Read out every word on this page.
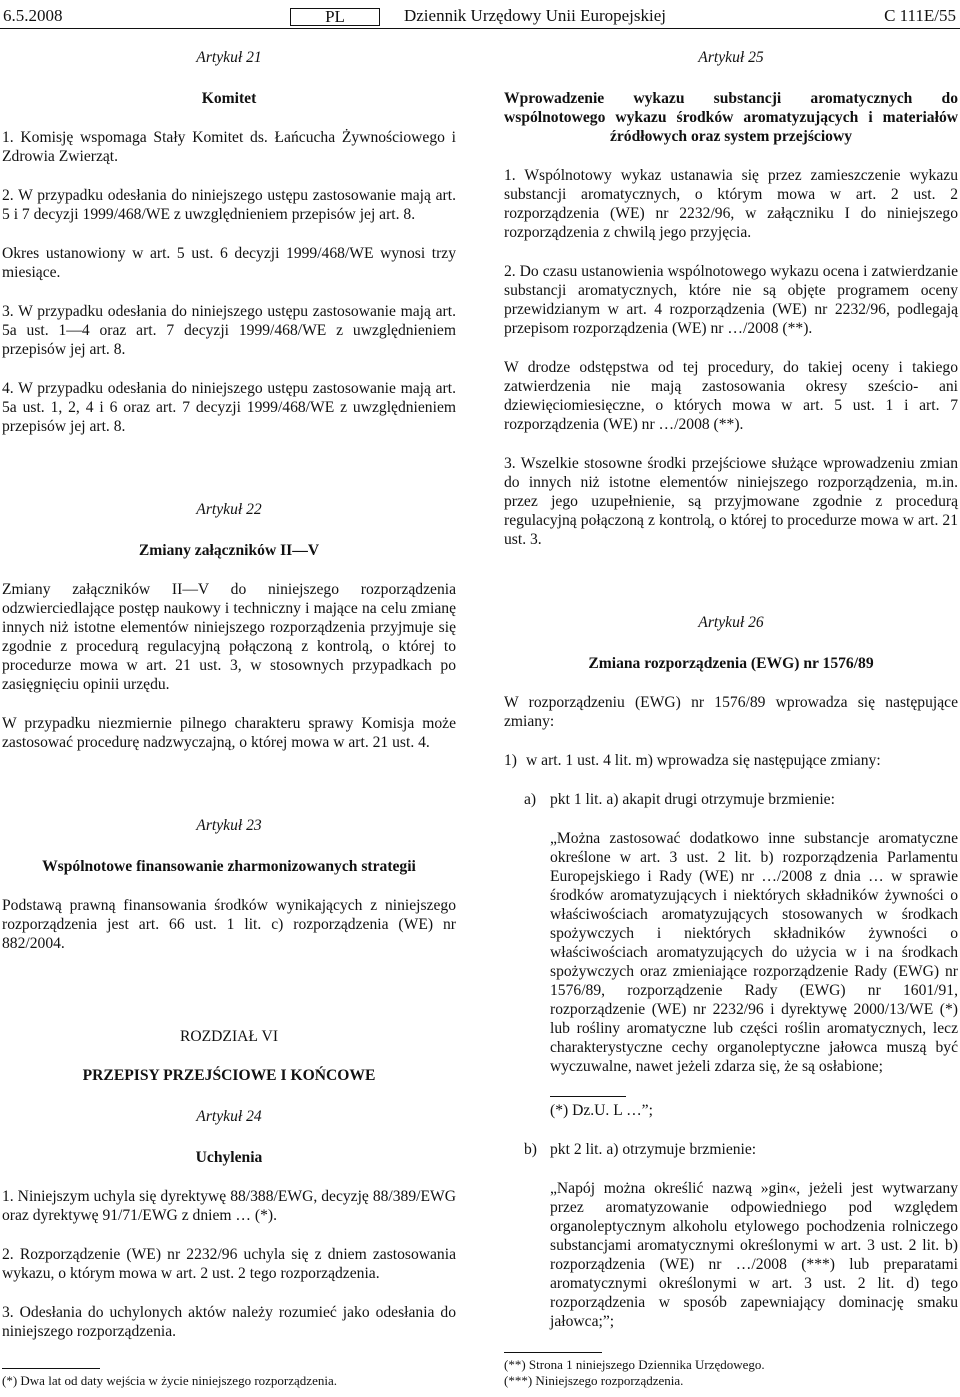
6.5.2008	PL	Dziennik Urzędowy Unii Europejskiej	C 111E/55
Artykuł 21
Komitet

1. Komisję wspomaga Stały Komitet ds. Łańcucha Żywnościowego i Zdrowia Zwierząt.

2. W przypadku odesłania do niniejszego ustępu zastosowanie mają art. 5 i 7 decyzji 1999/468/WE z uwzględnieniem przepisów jej art. 8.

Okres ustanowiony w art. 5 ust. 6 decyzji 1999/468/WE wynosi trzy miesiące.

3. W przypadku odesłania do niniejszego ustępu zastosowanie mają art. 5a ust. 1—4 oraz art. 7 decyzji 1999/468/WE z uwzględnieniem przepisów jej art. 8.

4. W przypadku odesłania do niniejszego ustępu zastosowanie mają art. 5a ust. 1, 2, 4 i 6 oraz art. 7 decyzji 1999/468/WE z uwzględnieniem przepisów jej art. 8.

Artykuł 22
Zmiany załączników II—V

Zmiany załączników II—V do niniejszego rozporządzenia odzwierciedlające postęp naukowy i techniczny i mające na celu zmianę innych niż istotne elementów niniejszego rozporządzenia przyjmuje się zgodnie z procedurą regulacyjną połączoną z kontrolą, o której to procedurze mowa w art. 21 ust. 3, w stosownych przypadkach po zasięgnięciu opinii urzędu.

W przypadku niezmiernie pilnego charakteru sprawy Komisja może zastosować procedurę nadzwyczajną, o której mowa w art. 21 ust. 4.

Artykuł 23
Wspólnotowe finansowanie zharmonizowanych strategii

Podstawą prawną finansowania środków wynikających z niniejszego rozporządzenia jest art. 66 ust. 1 lit. c) rozporządzenia (WE) nr 882/2004.

ROZDZIAŁ VI
PRZEPISY PRZEJŚCIOWE I KOŃCOWE
Artykuł 24
Uchylenia

1. Niniejszym uchyla się dyrektywę 88/388/EWG, decyzję 88/389/EWG oraz dyrektywę 91/71/EWG z dniem … (*).

2. Rozporządzenie (WE) nr 2232/96 uchyla się z dniem zastosowania wykazu, o którym mowa w art. 2 ust. 2 tego rozporządzenia.

3. Odesłania do uchylonych aktów należy rozumieć jako odesłania do niniejszego rozporządzenia.

(*) Dwa lat od daty wejścia w życie niniejszego rozporządzenia.

Artykuł 25
Wprowadzenie wykazu substancji aromatycznych do wspólnotowego wykazu środków aromatyzujących i materiałów źródłowych oraz system przejściowy

1. Wspólnotowy wykaz ustanawia się przez zamieszczenie wykazu substancji aromatycznych, o którym mowa w art. 2 ust. 2 rozporządzenia (WE) nr 2232/96, w załączniku I do niniejszego rozporządzenia z chwilą jego przyjęcia.

2. Do czasu ustanowienia wspólnotowego wykazu ocena i zatwierdzanie substancji aromatycznych, które nie są objęte programem oceny przewidzianym w art. 4 rozporządzenia (WE) nr 2232/96, podlegają przepisom rozporządzenia (WE) nr …/2008 (**).

W drodze odstępstwa od tej procedury, do takiej oceny i takiego zatwierdzenia nie mają zastosowania okresy sześcio- ani dziewięciomiesięczne, o których mowa w art. 5 ust. 1 i art. 7 rozporządzenia (WE) nr …/2008 (**).

3. Wszelkie stosowne środki przejściowe służące wprowadzeniu zmian do innych niż istotne elementów niniejszego rozporządzenia, m.in. przez jego uzupełnienie, są przyjmowane zgodnie z procedurą regulacyjną połączoną z kontrolą, o której to procedurze mowa w art. 21 ust. 3.

Artykuł 26
Zmiana rozporządzenia (EWG) nr 1576/89

W rozporządzeniu (EWG) nr 1576/89 wprowadza się następujące zmiany:

1) w art. 1 ust. 4 lit. m) wprowadza się następujące zmiany:
a) pkt 1 lit. a) akapit drugi otrzymuje brzmienie:

„Można zastosować dodatkowo inne substancje aromatyczne określone w art. 3 ust. 2 lit. b) rozporządzenia Parlamentu Europejskiego i Rady (WE) nr …/2008 z dnia … w sprawie środków aromatyzujących i niektórych składników żywności o właściwościach aromatyzujących stosowanych w środkach spożywczych i niektórych składników żywności o właściwościach aromatyzujących do użycia w i na środkach spożywczych oraz zmieniające rozporządzenie Rady (EWG) nr 1576/89, rozporządzenie Rady (EWG) nr 1601/91, rozporządzenie (WE) nr 2232/96 i dyrektywę 2000/13/WE (*) lub rośliny aromatyczne lub części roślin aromatycznych, lecz charakterystyczne cechy organoleptyczne jałowca muszą być wyczuwalne, nawet jeżeli zdarza się, że są osłabione;

(*) Dz.U. L …”;

b) pkt 2 lit. a) otrzymuje brzmienie:

„Napój można określić nazwą »gin«, jeżeli jest wytwarzany przez aromatyzowanie odpowiedniego pod względem organoleptycznym alkoholu etylowego pochodzenia rolniczego substancjami aromatycznymi określonymi w art. 3 ust. 2 lit. b) rozporządzenia (WE) nr …/2008 (***) lub preparatami aromatycznymi określonymi w art. 3 ust. 2 lit. d) tego rozporządzenia w sposób zapewniający dominację smaku jałowca;”;

(**) Strona 1 niniejszego Dziennika Urzędowego.

(***) Niniejszego rozporządzenia.
